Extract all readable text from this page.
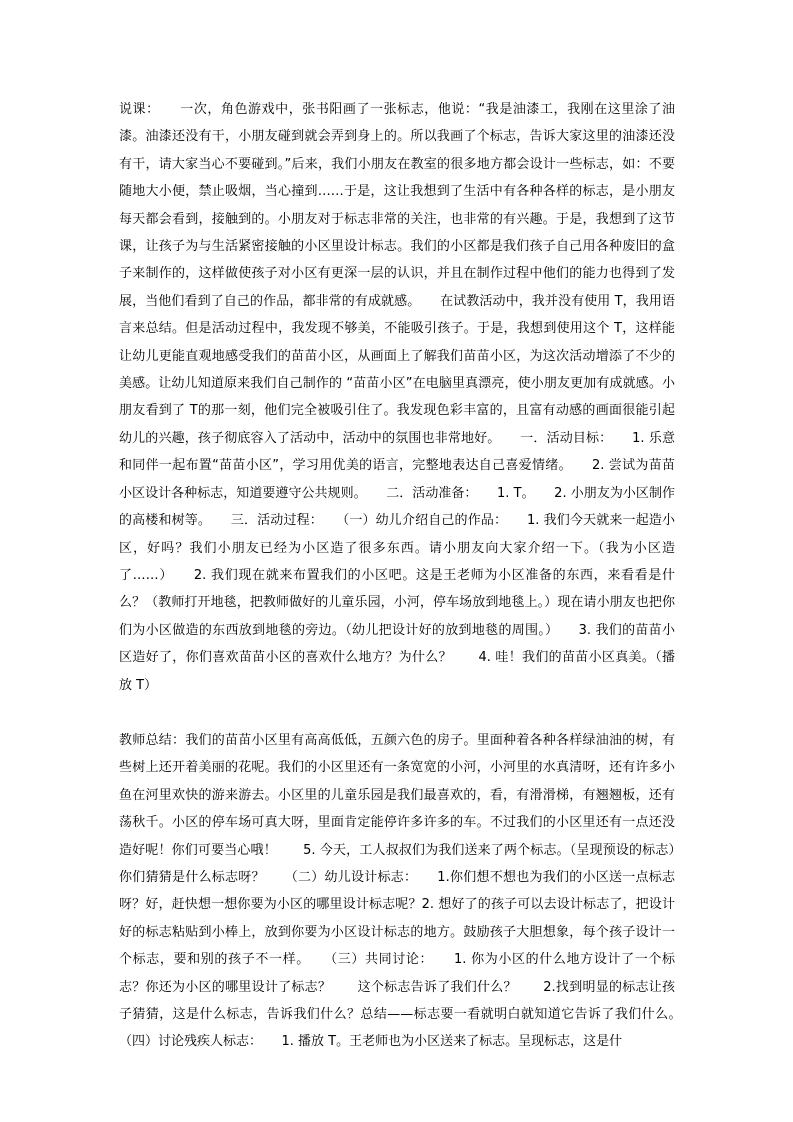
说课：　　一次，角色游戏中，张书阳画了一张标志，他说：“我是油漆工，我刚在这里涂了油漆。油漆还没有干，小朋友碰到就会弄到身上的。所以我画了个标志，告诉大家这里的油漆还没有干，请大家当心不要碰到。”后来，我们小朋友在教室的很多地方都会设计一些标志，如：不要随地大小便，禁止吸烟，当心撞到……于是，这让我想到了生活中有各种各样的标志，是小朋友每天都会看到，接触到的。小朋友对于标志非常的关注，也非常的有兴趣。于是，我想到了这节课，让孩子为与生活紧密接触的小区里设计标志。我们的小区都是我们孩子自己用各种废旧的盒子来制作的，这样做使孩子对小区有更深一层的认识，并且在制作过程中他们的能力也得到了发展，当他们看到了自己的作品，都非常的有成就感。　　在试教活动中，我并没有使用 T，我用语言来总结。但是活动过程中，我发现不够美，不能吸引孩子。于是，我想到使用这个 T，这样能让幼儿更能直观地感受我们的苗苗小区，从画面上了解我们苗苗小区，为这次活动增添了不少的美感。让幼儿知道原来我们自己制作的 “苗苗小区”在电脑里真漂亮，使小朋友更加有成就感。小朋友看到了 T的那一刻，他们完全被吸引住了。我发现色彩丰富的，且富有动感的画面很能引起幼儿的兴趣，孩子彻底容入了活动中，活动中的氛围也非常地好。　　一．活动目标：　　1. 乐意和同伴一起布置“苗苗小区”，学习用优美的语言，完整地表达自己喜爱情绪。　　2. 尝试为苗苗小区设计各种标志，知道要遵守公共规则。　　二．活动准备：　　1. T。　　2. 小朋友为小区制作的高楼和树等。　　三．活动过程：　　（一）幼儿介绍自己的作品：　　1. 我们今天就来一起造小区，好吗？我们小朋友已经为小区造了很多东西。请小朋友向大家介绍一下。（我为小区造了……）　　2. 我们现在就来布置我们的小区吧。这是王老师为小区准备的东西，来看看是什么？（教师打开地毯，把教师做好的儿童乐园，小河，停车场放到地毯上。）现在请小朋友也把你们为小区做造的东西放到地毯的旁边。（幼儿把设计好的放到地毯的周围。）　　3. 我们的苗苗小区造好了，你们喜欢苗苗小区的喜欢什么地方？为什么？　　4. 哇！我们的苗苗小区真美。（播放 T）

教师总结：我们的苗苗小区里有高高低低，五颜六色的房子。里面种着各种各样绿油油的树，有些树上还开着美丽的花呢。我们的小区里还有一条宽宽的小河，小河里的水真清呀，还有许多小鱼在河里欢快的游来游去。小区里的儿童乐园是我们最喜欢的，看，有滑滑梯，有翘翘板，还有荡秋千。小区的停车场可真大呀，里面肯定能停许多许多的车。不过我们的小区里还有一点还没造好呢！你们可要当心哦！　　5. 今天，工人叔叔们为我们送来了两个标志。（呈现预设的标志）你们猜猜是什么标志呀？　　（二）幼儿设计标志：　　1.你们想不想也为我们的小区送一点标志呀？好，赶快想一想你要为小区的哪里设计标志呢？2. 想好了的孩子可以去设计标志了，把设计好的标志粘贴到小棒上，放到你要为小区设计标志的地方。鼓励孩子大胆想象，每个孩子设计一个标志，要和别的孩子不一样。　　（三）共同讨论：　　1. 你为小区的什么地方设计了一个标志？你还为小区的哪里设计了标志？　　这个标志告诉了我们什么？　　2.找到明显的标志让孩子猜猜，这是什么标志，告诉我们什么？总结——标志要一看就明白就知道它告诉了我们什么。　　（四）讨论残疾人标志：　　1. 播放 T。王老师也为小区送来了标志。呈现标志，这是什
